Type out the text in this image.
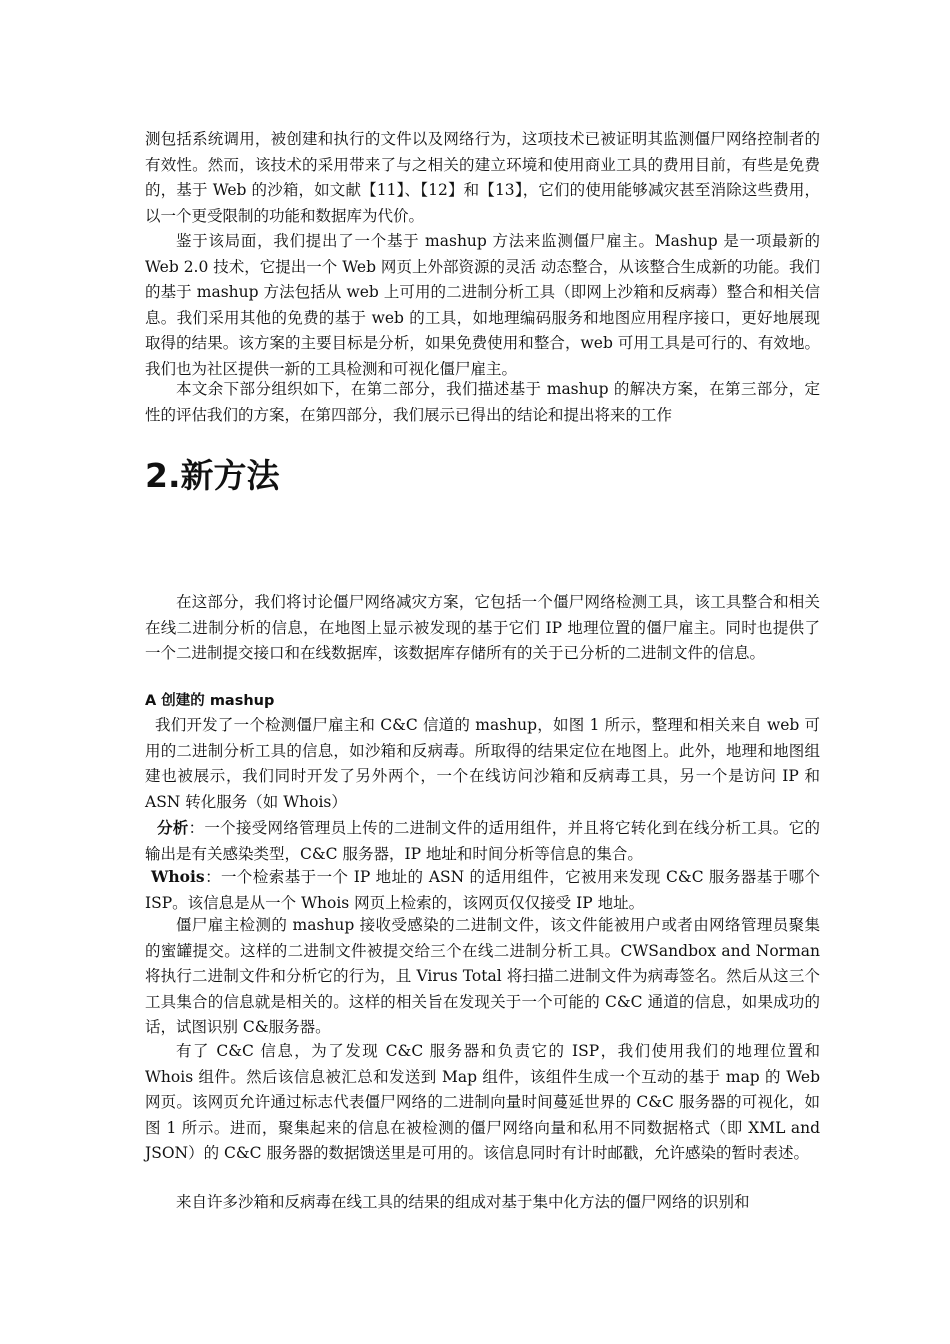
测包括系统调用，被创建和执行的文件以及网络行为，这项技术已被证明其监测僵尸网络控制者的有效性。然而，该技术的采用带来了与之相关的建立环境和使用商业工具的费用目前，有些是免费的，基于 Web 的沙箱，如文献【11】、【12】和【13】，它们的使用能够减灾甚至消除这些费用，以一个更受限制的功能和数据库为代价。

鉴于该局面，我们提出了一个基于 mashup 方法来监测僵尸雇主。Mashup 是一项最新的 Web 2.0 技术，它提出一个 Web 网页上外部资源的灵活 动态整合，从该整合生成新的功能。我们的基于 mashup 方法包括从 web 上可用的二进制分析工具（即网上沙箱和反病毒）整合和相关信息。我们采用其他的免费的基于 web 的工具，如地理编码服务和地图应用程序接口，更好地展现取得的结果。该方案的主要目标是分析，如果免费使用和整合，web 可用工具是可行的、有效地。我们也为社区提供一新的工具检测和可视化僵尸雇主。

本文余下部分组织如下，在第二部分，我们描述基于 mashup 的解决方案，在第三部分，定性的评估我们的方案，在第四部分，我们展示已得出的结论和提出将来的工作

2.新方法

在这部分，我们将讨论僵尸网络减灾方案，它包括一个僵尸网络检测工具，该工具整合和相关在线二进制分析的信息，在地图上显示被发现的基于它们 IP 地理位置的僵尸雇主。同时也提供了一个二进制提交接口和在线数据库，该数据库存储所有的关于已分析的二进制文件的信息。

A 创建的 mashup

我们开发了一个检测僵尸雇主和 C&C 信道的 mashup，如图 1 所示，整理和相关来自 web 可用的二进制分析工具的信息，如沙箱和反病毒。所取得的结果定位在地图上。此外，地理和地图组建也被展示，我们同时开发了另外两个，一个在线访问沙箱和反病毒工具，另一个是访问 IP 和 ASN 转化服务（如 Whois）

分析：一个接受网络管理员上传的二进制文件的适用组件，并且将它转化到在线分析工具。它的输出是有关感染类型，C&C 服务器，IP 地址和时间分析等信息的集合。

Whois：一个检索基于一个 IP 地址的 ASN 的适用组件，它被用来发现 C&C 服务器基于哪个 ISP。该信息是从一个 Whois 网页上检索的，该网页仅仅接受 IP 地址。

僵尸雇主检测的 mashup 接收受感染的二进制文件，该文件能被用户或者由网络管理员聚集的蜜罐提交。这样的二进制文件被提交给三个在线二进制分析工具。CWSandbox and Norman 将执行二进制文件和分析它的行为，且 Virus Total 将扫描二进制文件为病毒签名。然后从这三个工具集合的信息就是相关的。这样的相关旨在发现关于一个可能的 C&C 通道的信息，如果成功的话，试图识别 C&服务器。

有了 C&C 信息，为了发现 C&C 服务器和负责它的 ISP，我们使用我们的地理位置和 Whois 组件。然后该信息被汇总和发送到 Map 组件，该组件生成一个互动的基于 map 的 Web 网页。该网页允许通过标志代表僵尸网络的二进制向量时间蔓延世界的 C&C 服务器的可视化，如图 1 所示。进而，聚集起来的信息在被检测的僵尸网络向量和私用不同数据格式（即 XML and JSON）的 C&C 服务器的数据馈送里是可用的。该信息同时有计时邮戳，允许感染的暂时表述。

来自许多沙箱和反病毒在线工具的结果的组成对基于集中化方法的僵尸网络的识别和
